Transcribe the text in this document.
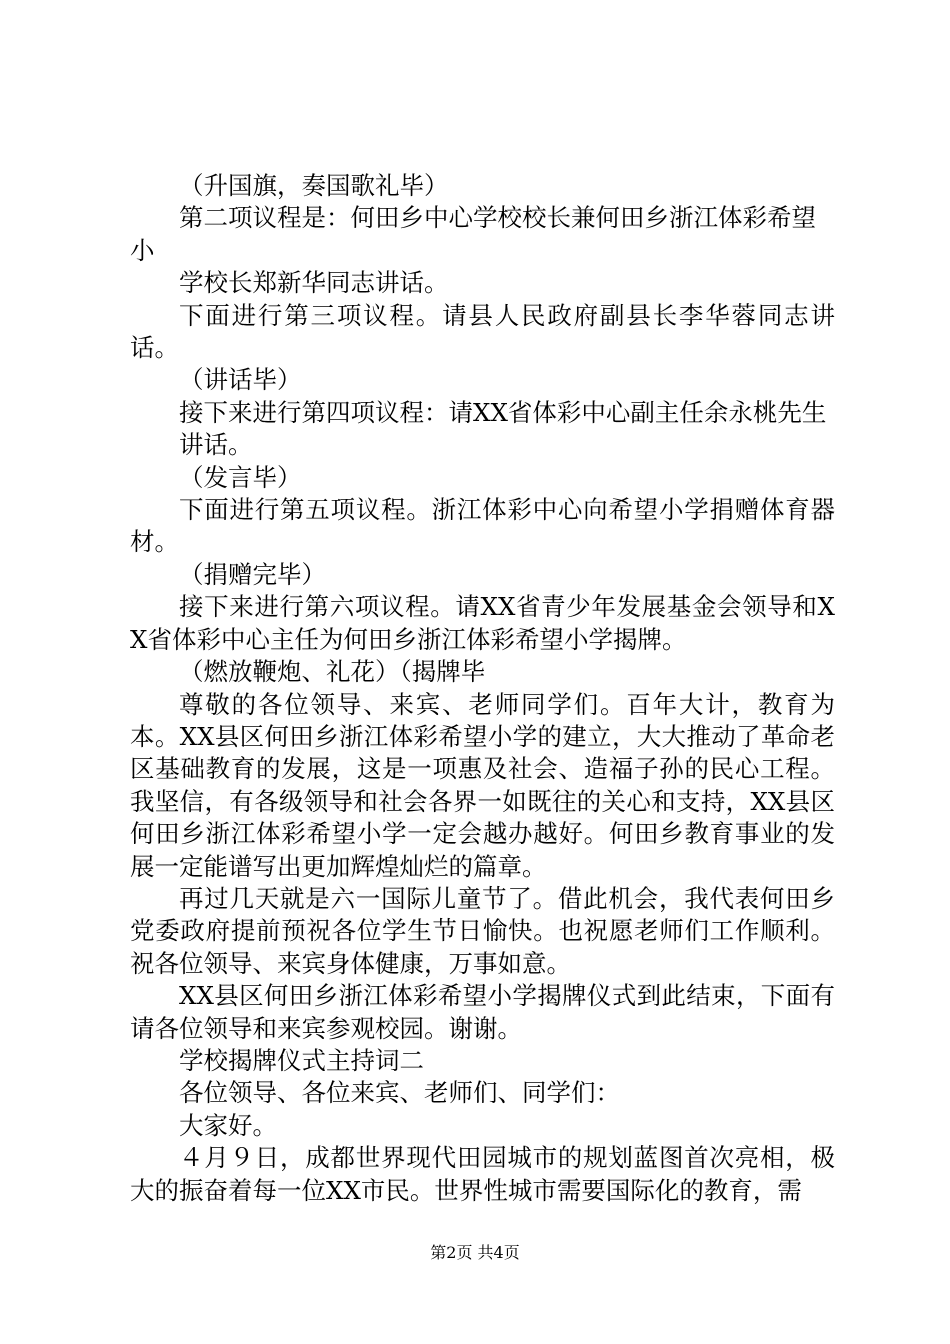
（升国旗，奏国歌礼毕）

第二项议程是：何田乡中心学校校长兼何田乡浙江体彩希望小

学校长郑新华同志讲话。

下面进行第三项议程。请县人民政府副县长李华蓉同志讲话。

（讲话毕）

接下来进行第四项议程：请XX省体彩中心副主任余永桃先生

讲话。

（发言毕）

下面进行第五项议程。浙江体彩中心向希望小学捐赠体育器材。

（捐赠完毕）

接下来进行第六项议程。请XX省青少年发展基金会领导和XX省体彩中心主任为何田乡浙江体彩希望小学揭牌。

（燃放鞭炮、礼花）（揭牌毕

尊敬的各位领导、来宾、老师同学们。百年大计，教育为本。XX县区何田乡浙江体彩希望小学的建立，大大推动了革命老区基础教育的发展，这是一项惠及社会、造福子孙的民心工程。我坚信，有各级领导和社会各界一如既往的关心和支持，XX县区何田乡浙江体彩希望小学一定会越办越好。何田乡教育事业的发展一定能谱写出更加辉煌灿烂的篇章。

再过几天就是六一国际儿童节了。借此机会，我代表何田乡党委政府提前预祝各位学生节日愉快。也祝愿老师们工作顺利。祝各位领导、来宾身体健康，万事如意。

XX县区何田乡浙江体彩希望小学揭牌仪式到此结束，下面有请各位领导和来宾参观校园。谢谢。

学校揭牌仪式主持词二

各位领导、各位来宾、老师们、同学们：

大家好。

４月９日，成都世界现代田园城市的规划蓝图首次亮相，极大的振奋着每一位XX市民。世界性城市需要国际化的教育，需

第2页 共4页
